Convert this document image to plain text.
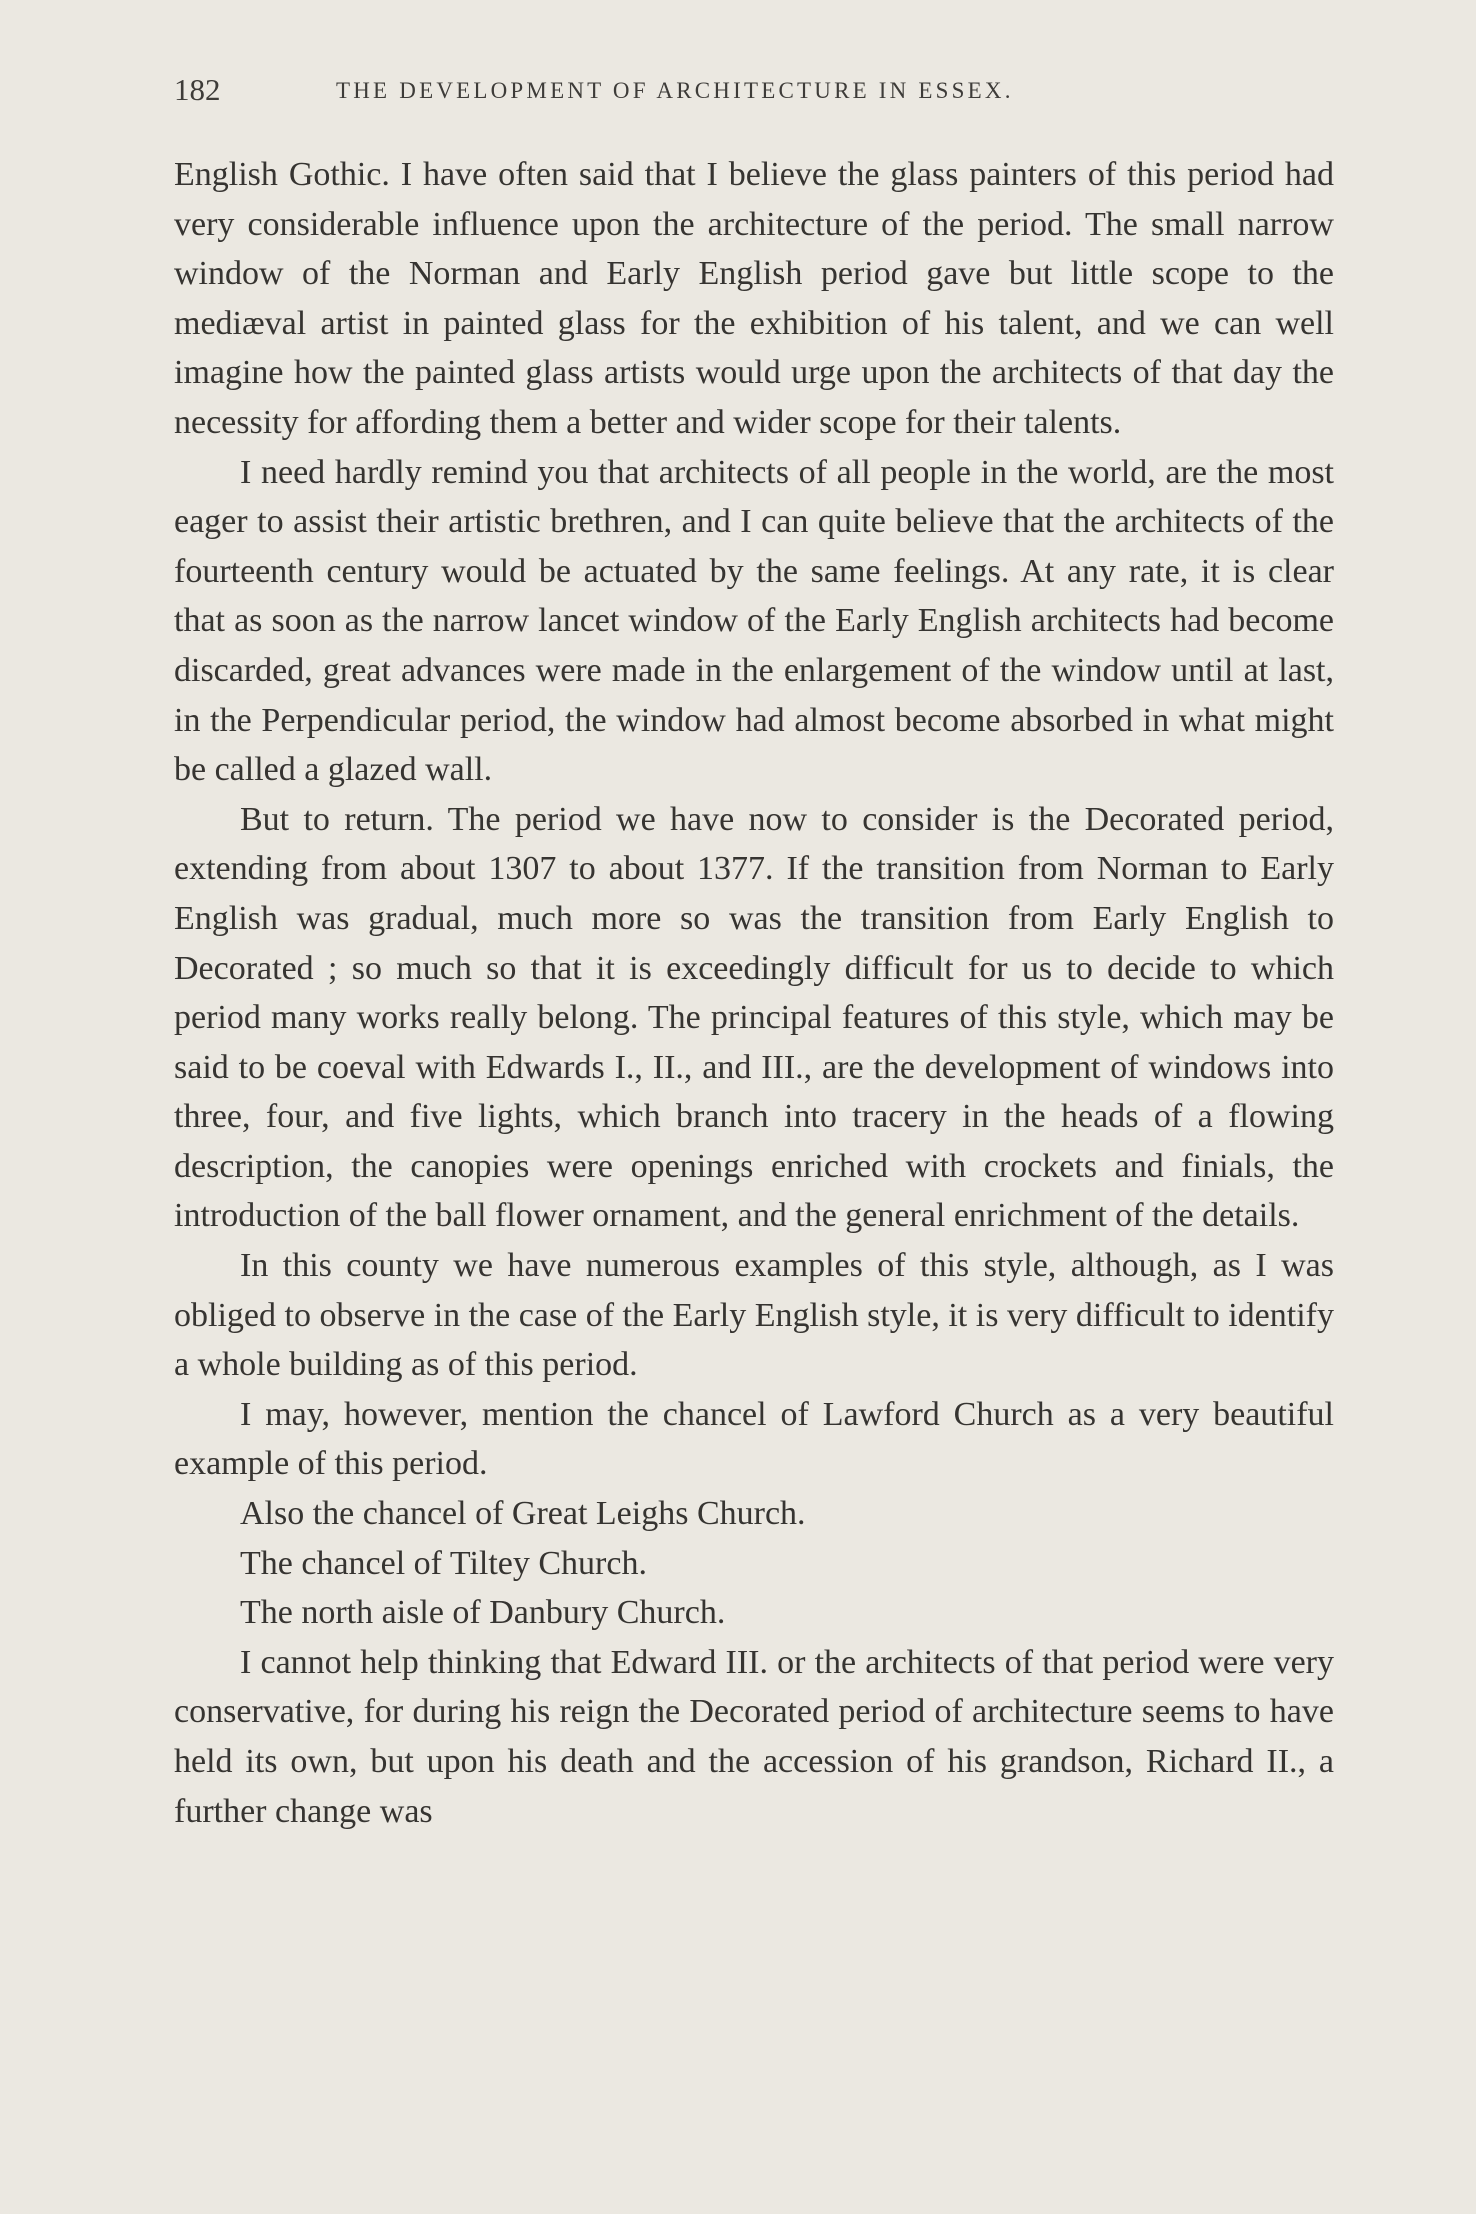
182	THE DEVELOPMENT OF ARCHITECTURE IN ESSEX.

English Gothic. I have often said that I believe the glass painters of this period had very considerable influence upon the architecture of the period. The small narrow window of the Norman and Early English period gave but little scope to the mediæval artist in painted glass for the exhibition of his talent, and we can well imagine how the painted glass artists would urge upon the architects of that day the necessity for affording them a better and wider scope for their talents.

I need hardly remind you that architects of all people in the world, are the most eager to assist their artistic brethren, and I can quite believe that the architects of the fourteenth century would be actuated by the same feelings. At any rate, it is clear that as soon as the narrow lancet window of the Early English architects had become discarded, great advances were made in the enlargement of the window until at last, in the Perpendicular period, the window had almost become absorbed in what might be called a glazed wall.

But to return. The period we have now to consider is the Decorated period, extending from about 1307 to about 1377. If the transition from Norman to Early English was gradual, much more so was the transition from Early English to Decorated ; so much so that it is exceedingly difficult for us to decide to which period many works really belong. The principal features of this style, which may be said to be coeval with Edwards I., II., and III., are the development of windows into three, four, and five lights, which branch into tracery in the heads of a flowing description, the canopies were openings enriched with crockets and finials, the introduction of the ball flower ornament, and the general enrichment of the details.

In this county we have numerous examples of this style, although, as I was obliged to observe in the case of the Early English style, it is very difficult to identify a whole building as of this period.

I may, however, mention the chancel of Lawford Church as a very beautiful example of this period.

Also the chancel of Great Leighs Church.

The chancel of Tiltey Church.

The north aisle of Danbury Church.

I cannot help thinking that Edward III. or the architects of that period were very conservative, for during his reign the Decorated period of architecture seems to have held its own, but upon his death and the accession of his grandson, Richard II., a further change was
